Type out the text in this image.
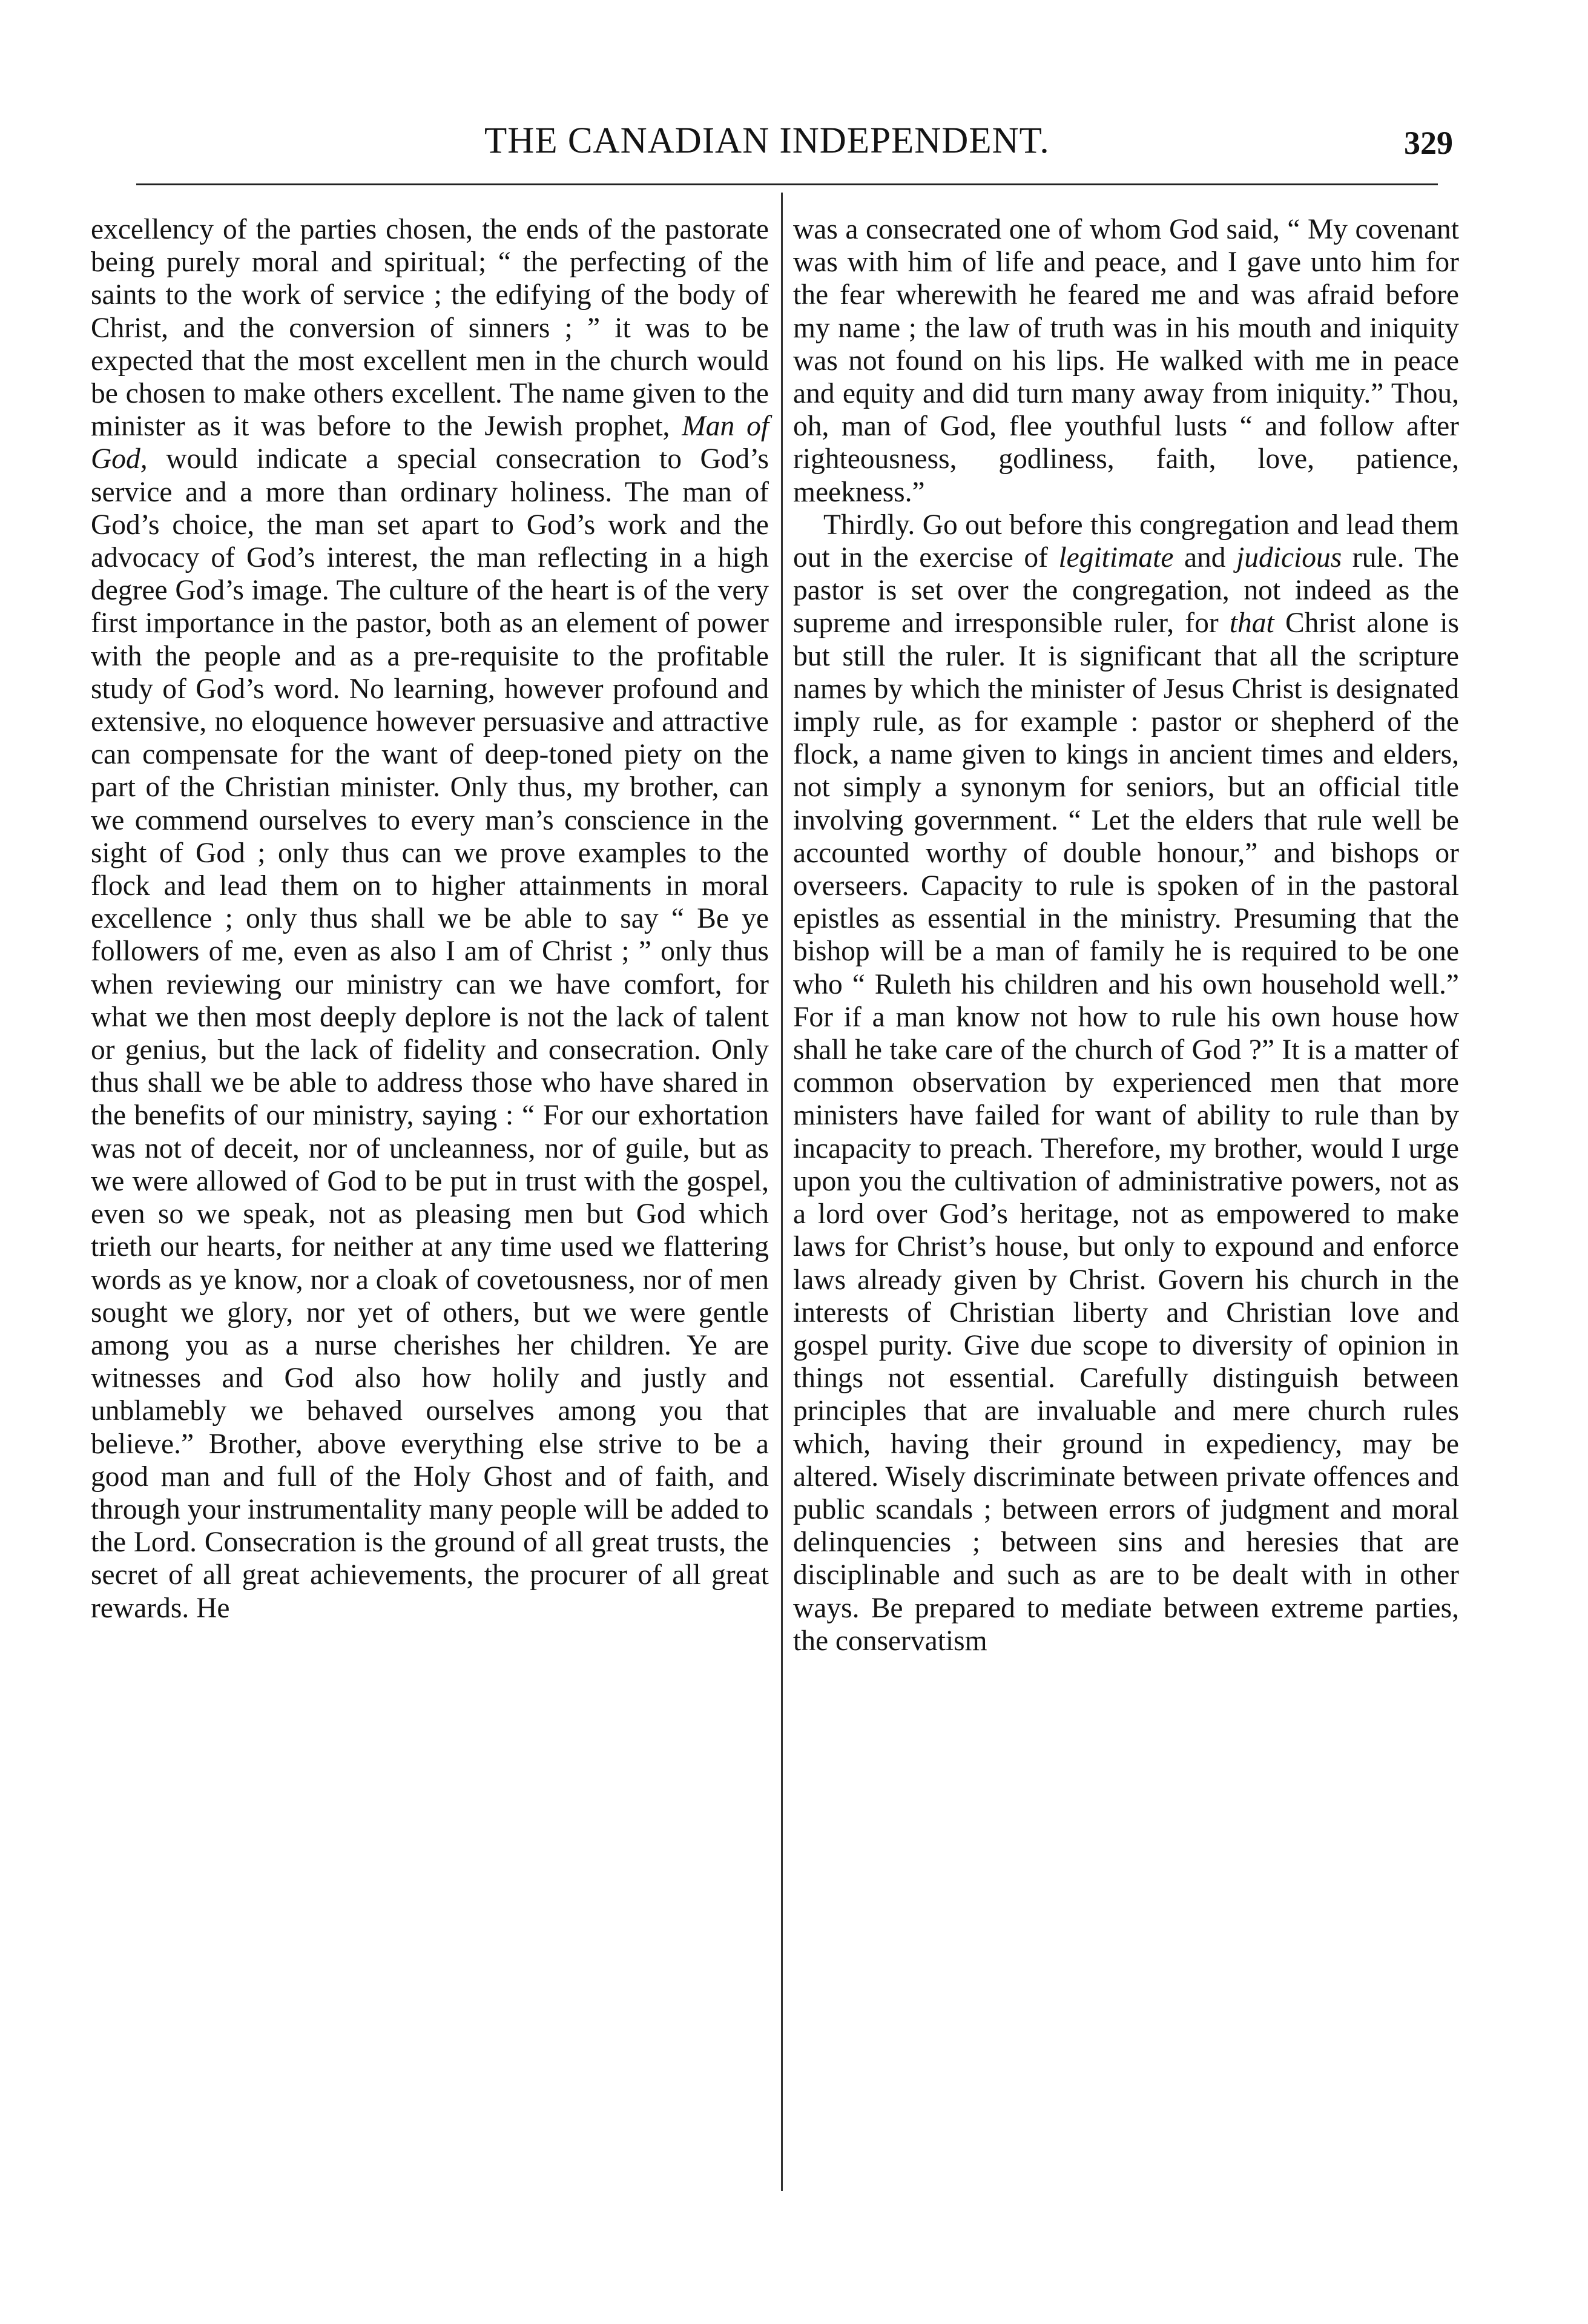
THE CANADIAN INDEPENDENT.	329

excellency of the parties chosen, the ends of the pastorate being purely moral and spiritual; “ the perfecting of the saints to the work of service ; the edifying of the body of Christ, and the conversion of sinners ; ” it was to be expected that the most excellent men in the church would be chosen to make others excellent. The name given to the minister as it was before to the Jewish prophet, Man of God, would indicate a special consecration to God’s service and a more than ordinary holiness. The man of God’s choice, the man set apart to God’s work and the advocacy of God’s interest, the man reflecting in a high degree God’s image. The culture of the heart is of the very first importance in the pastor, both as an element of power with the people and as a pre-requisite to the profitable study of God’s word. No learning, however profound and extensive, no eloquence however persuasive and attractive can compensate for the want of deep-toned piety on the part of the Christian minister. Only thus, my brother, can we commend ourselves to every man’s conscience in the sight of God ; only thus can we prove examples to the flock and lead them on to higher attainments in moral excellence ; only thus shall we be able to say “ Be ye followers of me, even as also I am of Christ ; ” only thus when reviewing our ministry can we have comfort, for what we then most deeply deplore is not the lack of talent or genius, but the lack of fidelity and consecration. Only thus shall we be able to address those who have shared in the benefits of our ministry, saying : “ For our exhortation was not of deceit, nor of uncleanness, nor of guile, but as we were allowed of God to be put in trust with the gospel, even so we speak, not as pleasing men but God which trieth our hearts, for neither at any time used we flattering words as ye know, nor a cloak of covetousness, nor of men sought we glory, nor yet of others, but we were gentle among you as a nurse cherishes her children. Ye are witnesses and God also how holily and justly and unblamebly we behaved ourselves among you that believe.” Brother, above everything else strive to be a good man and full of the Holy Ghost and of faith, and through your instrumentality many people will be added to the Lord. Consecration is the ground of all great trusts, the secret of all great achievements, the procurer of all great rewards. He

was a consecrated one of whom God said, “ My covenant was with him of life and peace, and I gave unto him for the fear wherewith he feared me and was afraid before my name ; the law of truth was in his mouth and iniquity was not found on his lips. He walked with me in peace and equity and did turn many away from iniquity.” Thou, oh, man of God, flee youthful lusts “ and follow after righteousness, godliness, faith, love, patience, meekness.”

Thirdly. Go out before this congregation and lead them out in the exercise of legitimate and judicious rule. The pastor is set over the congregation, not indeed as the supreme and irresponsible ruler, for that Christ alone is but still the ruler. It is significant that all the scripture names by which the minister of Jesus Christ is designated imply rule, as for example : pastor or shepherd of the flock, a name given to kings in ancient times and elders, not simply a synonym for seniors, but an official title involving government. “ Let the elders that rule well be accounted worthy of double honour,” and bishops or overseers. Capacity to rule is spoken of in the pastoral epistles as essential in the ministry. Presuming that the bishop will be a man of family he is required to be one who “ Ruleth his children and his own household well.” For if a man know not how to rule his own house how shall he take care of the church of God ?” It is a matter of common observation by experienced men that more ministers have failed for want of ability to rule than by incapacity to preach. Therefore, my brother, would I urge upon you the cultivation of administrative powers, not as a lord over God’s heritage, not as empowered to make laws for Christ’s house, but only to expound and enforce laws already given by Christ. Govern his church in the interests of Christian liberty and Christian love and gospel purity. Give due scope to diversity of opinion in things not essential. Carefully distinguish between principles that are invaluable and mere church rules which, having their ground in expediency, may be altered. Wisely discriminate between private offences and public scandals ; between errors of judgment and moral delinquencies ; between sins and heresies that are disciplinable and such as are to be dealt with in other ways. Be prepared to mediate between extreme parties, the conservatism
